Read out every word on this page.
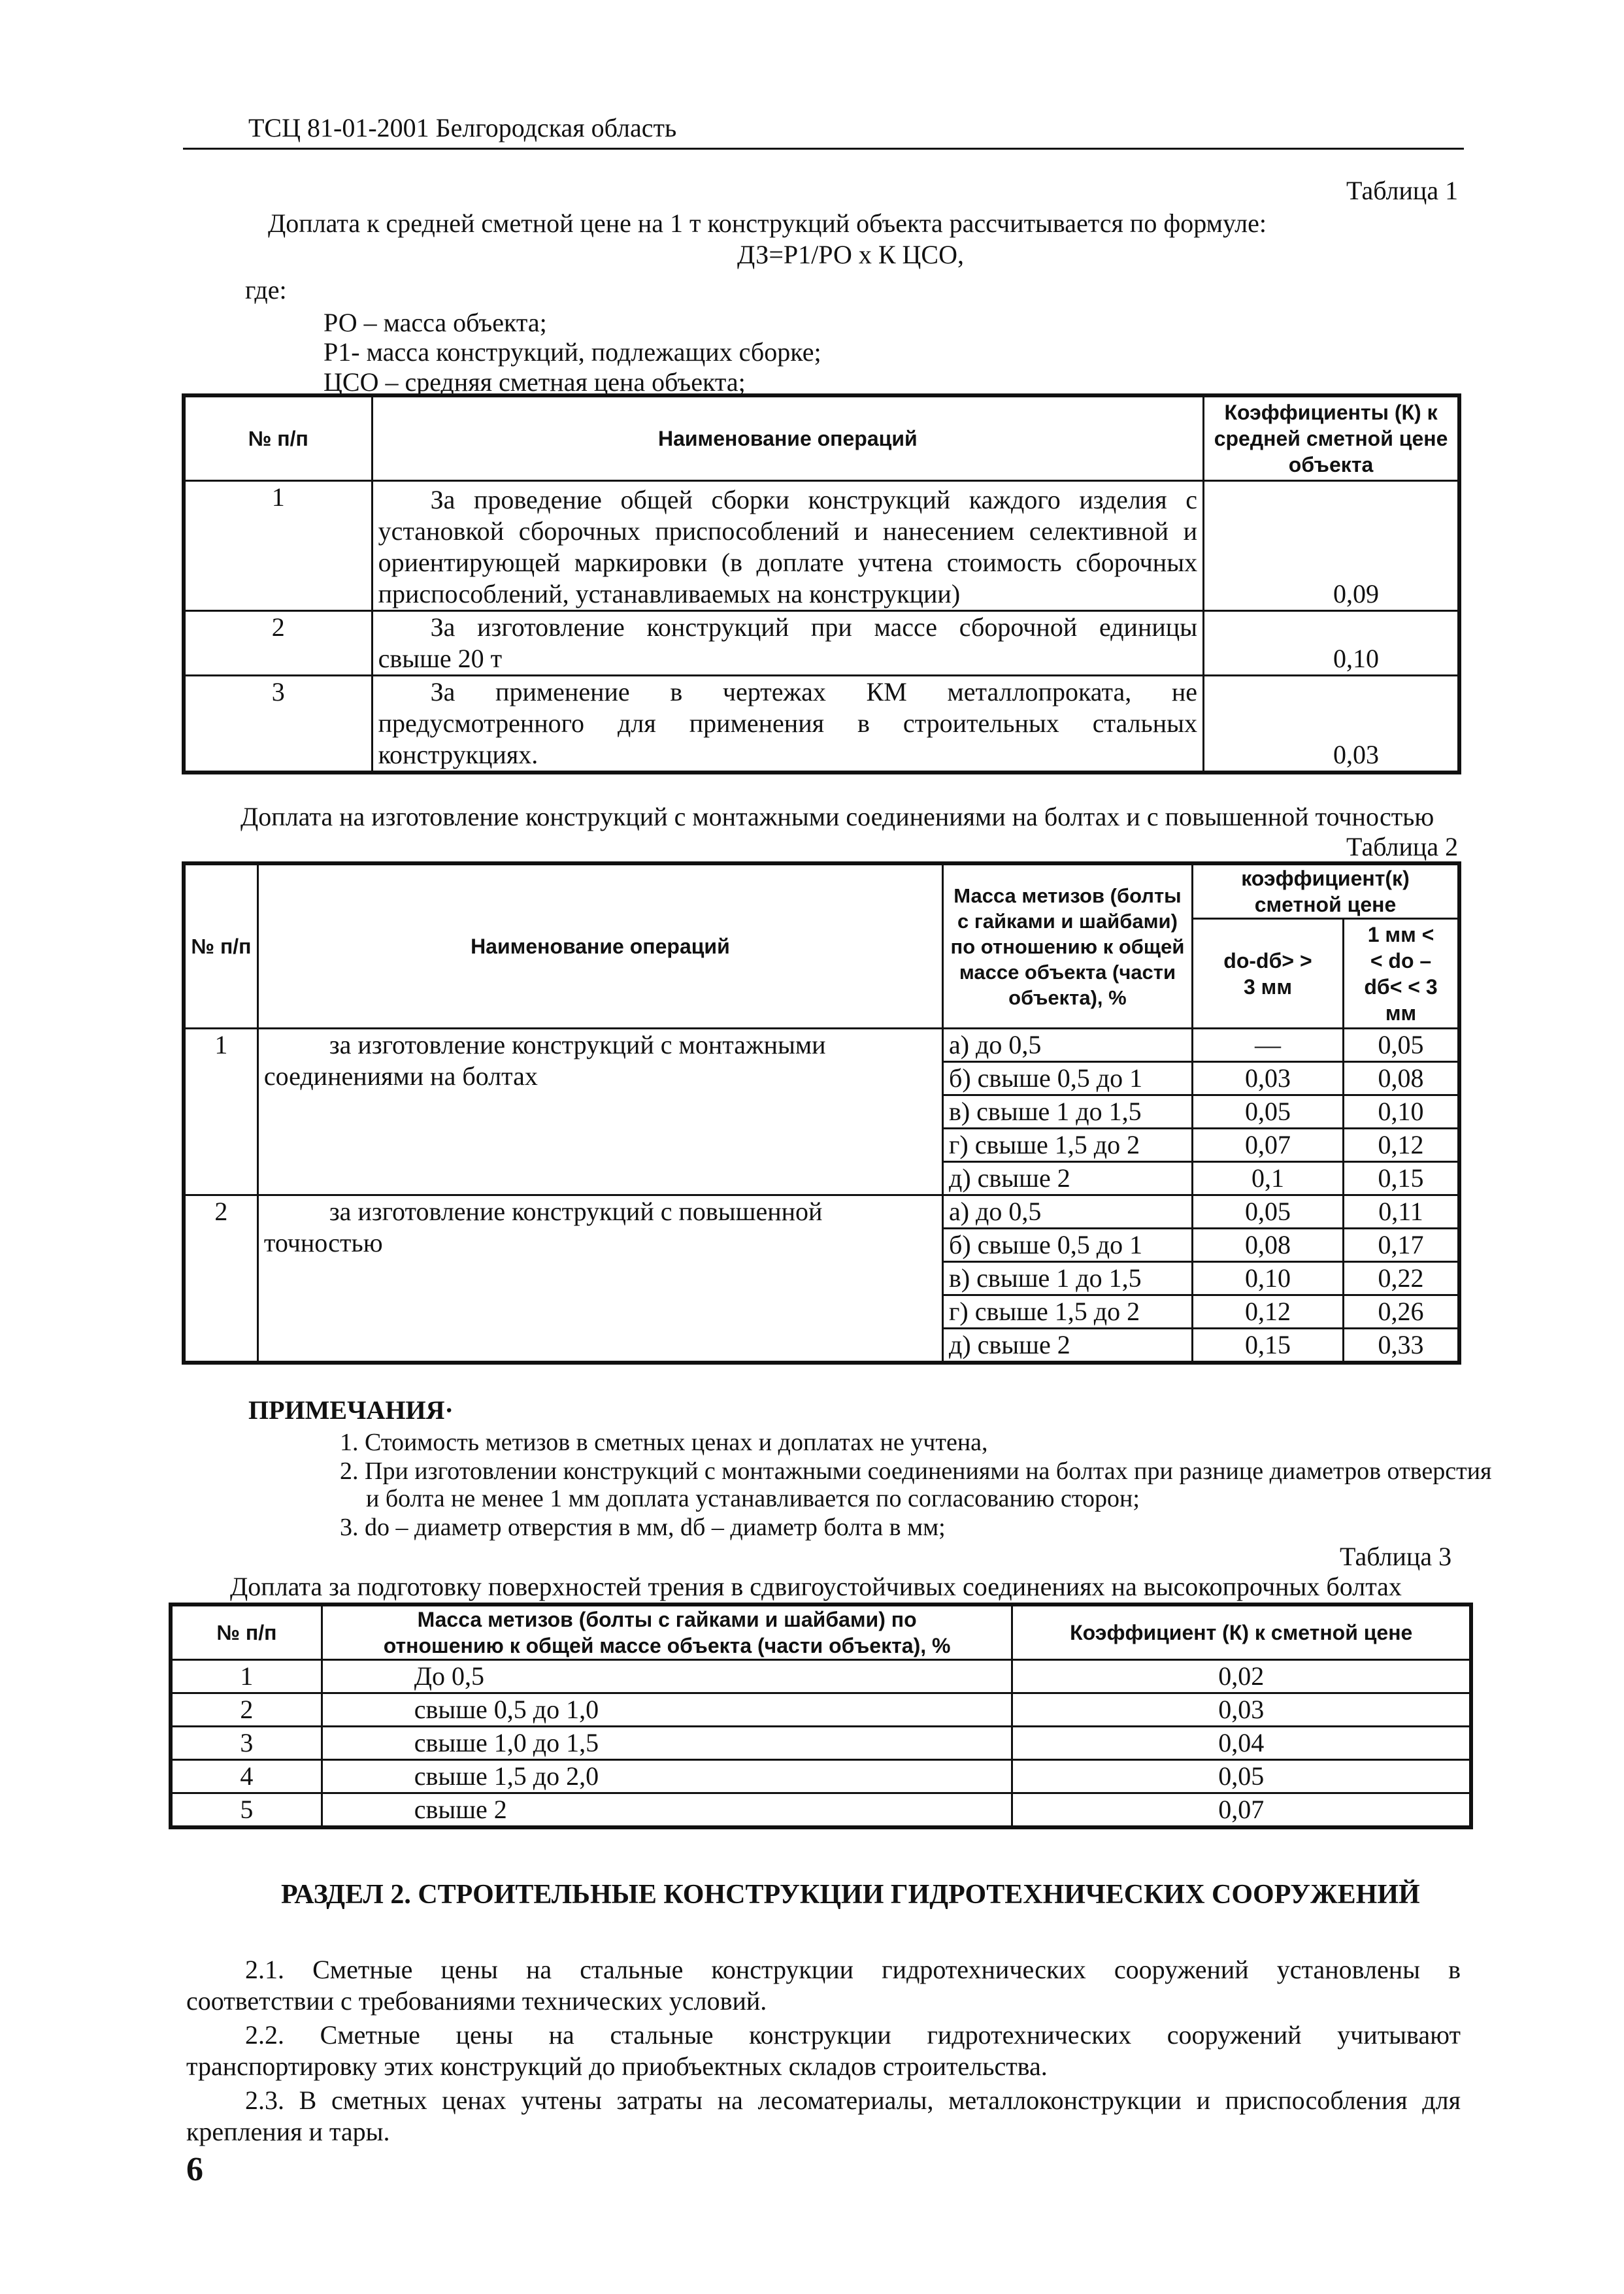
ТСЦ 81-01-2001 Белгородская область
Таблица 1
Доплата к средней сметной цене на 1 т конструкций объекта рассчитывается по формуле:
ДЗ=Р1/РО х К ЦСО,
где:
РО – масса объекта;
Р1- масса конструкций, подлежащих сборке;
ЦСО – средняя сметная цена объекта;
№ п/п	Наименование операций	Коэффициенты (К) к средней сметной цене объекта
1	За проведение общей сборки конструкций каждого изделия с
установкой сборочных приспособлений и нанесением селективной и
ориентирующей маркировки (в доплате учтена стоимость сборочных
приспособлений, устанавливаемых на конструкции)	0,09
2	За изготовление конструкций при массе сборочной единицы
свыше 20 т	0,10
3	За применение в чертежах КМ металлопроката, не
предусмотренного для применения в строительных стальных
конструкциях.	0,03
Доплата на изготовление конструкций с монтажными соединениями на болтах и с повышенной точностью
Таблица 2
№ п/п	Наименование операций	Масса метизов (болты с гайками и шайбами) по отношению к общей массе объекта (части объекта), %	коэффициент(к) сметной цене	
			do-dб> > 3 мм	1 мм < < do – dб< < 3 мм
1	за изготовление конструкций с монтажными
соединениями на болтах	а) до 0,5	—	0,05
		б) свыше 0,5 до 1	0,03	0,08
		в) свыше 1 до 1,5	0,05	0,10
		г) свыше 1,5 до 2	0,07	0,12
		д) свыше 2	0,1	0,15
2	за изготовление конструкций с повышенной
точностью	а) до 0,5	0,05	0,11
		б) свыше 0,5 до 1	0,08	0,17
		в) свыше 1 до 1,5	0,10	0,22
		г) свыше 1,5 до 2	0,12	0,26
		д) свыше 2	0,15	0,33
ПРИМЕЧАНИЯ·
1. Стоимость метизов в сметных ценах и доплатах не учтена,
2. При изготовлении конструкций с монтажными соединениями на болтах при разнице диаметров отверстия
и болта не менее 1 мм доплата устанавливается по согласованию сторон;
3. do – диаметр отверстия в мм, dб – диаметр болта в мм;
Таблица 3
Доплата за подготовку поверхностей трения в сдвигоустойчивых соединениях на высокопрочных болтах
№ п/п	Масса метизов (болты с гайками и шайбами) по отношению к общей массе объекта (части объекта), %	Коэффициент (К) к сметной цене
1	До 0,5	0,02
2	свыше 0,5 до 1,0	0,03
3	свыше 1,0 до 1,5	0,04
4	свыше 1,5 до 2,0	0,05
5	свыше 2	0,07
РАЗДЕЛ 2. СТРОИТЕЛЬНЫЕ КОНСТРУКЦИИ ГИДРОТЕХНИЧЕСКИХ СООРУЖЕНИЙ
2.1. Сметные цены на стальные конструкции гидротехнических сооружений установлены в
соответствии с требованиями технических условий.
2.2. Сметные цены на стальные конструкции гидротехнических сооружений учитывают
транспортировку этих конструкций до приобъектных складов строительства.
2.3. В сметных ценах учтены затраты на лесоматериалы, металлоконструкции и приспособления для
крепления и тары.
6
